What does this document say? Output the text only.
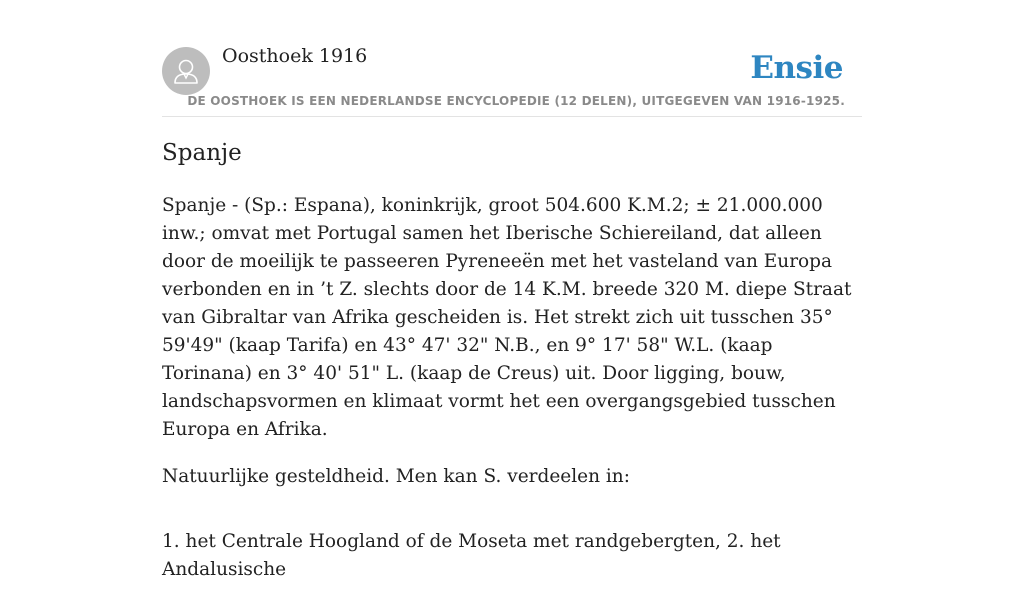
Oosthoek 1916	Ensie
DE OOSTHOEK IS EEN NEDERLANDSE ENCYCLOPEDIE (12 DELEN), UITGEGEVEN VAN 1916-1925.
Spanje

Spanje - (Sp.: Espana), koninkrijk, groot 504.600 K.M.2; ± 21.000.000 inw.; omvat met Portugal samen het Iberische Schiereiland, dat alleen door de moeilijk te passeeren Pyreneeën met het vasteland van Europa verbonden en in ’t Z. slechts door de 14 K.M. breede 320 M. diepe Straat van Gibraltar van Afrika gescheiden is. Het strekt zich uit tusschen 35° 59'49" (kaap Tarifa) en 43° 47' 32" N.B., en 9° 17' 58" W.L. (kaap Torinana) en 3° 40' 51" L. (kaap de Creus) uit. Door ligging, bouw, landschapsvormen en klimaat vormt het een overgangsgebied tusschen Europa en Afrika.

Natuurlijke gesteldheid. Men kan S. verdeelen in:

1. het Centrale Hoogland of de Moseta met randgebergten, 2. het Andalusische
